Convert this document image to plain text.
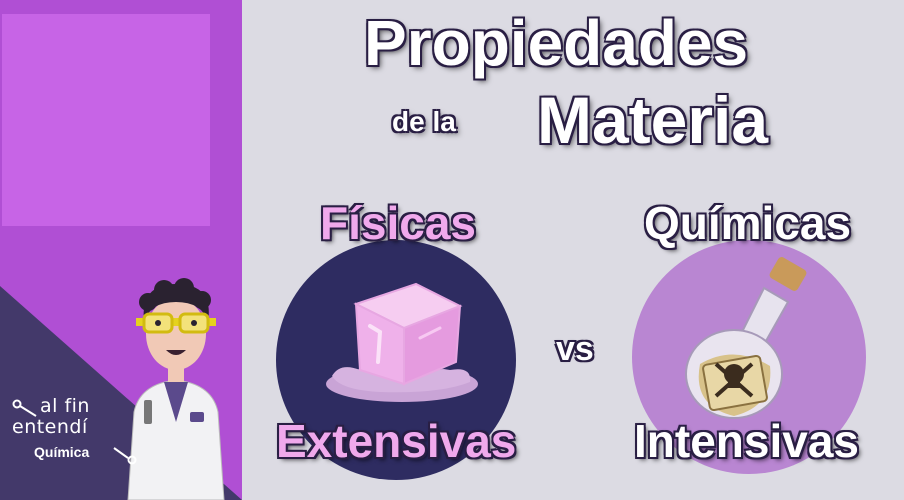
al fin
entendí
Química
Propiedades
de la Materia
Físicas
Extensivas
vs
Químicas
Intensivas
